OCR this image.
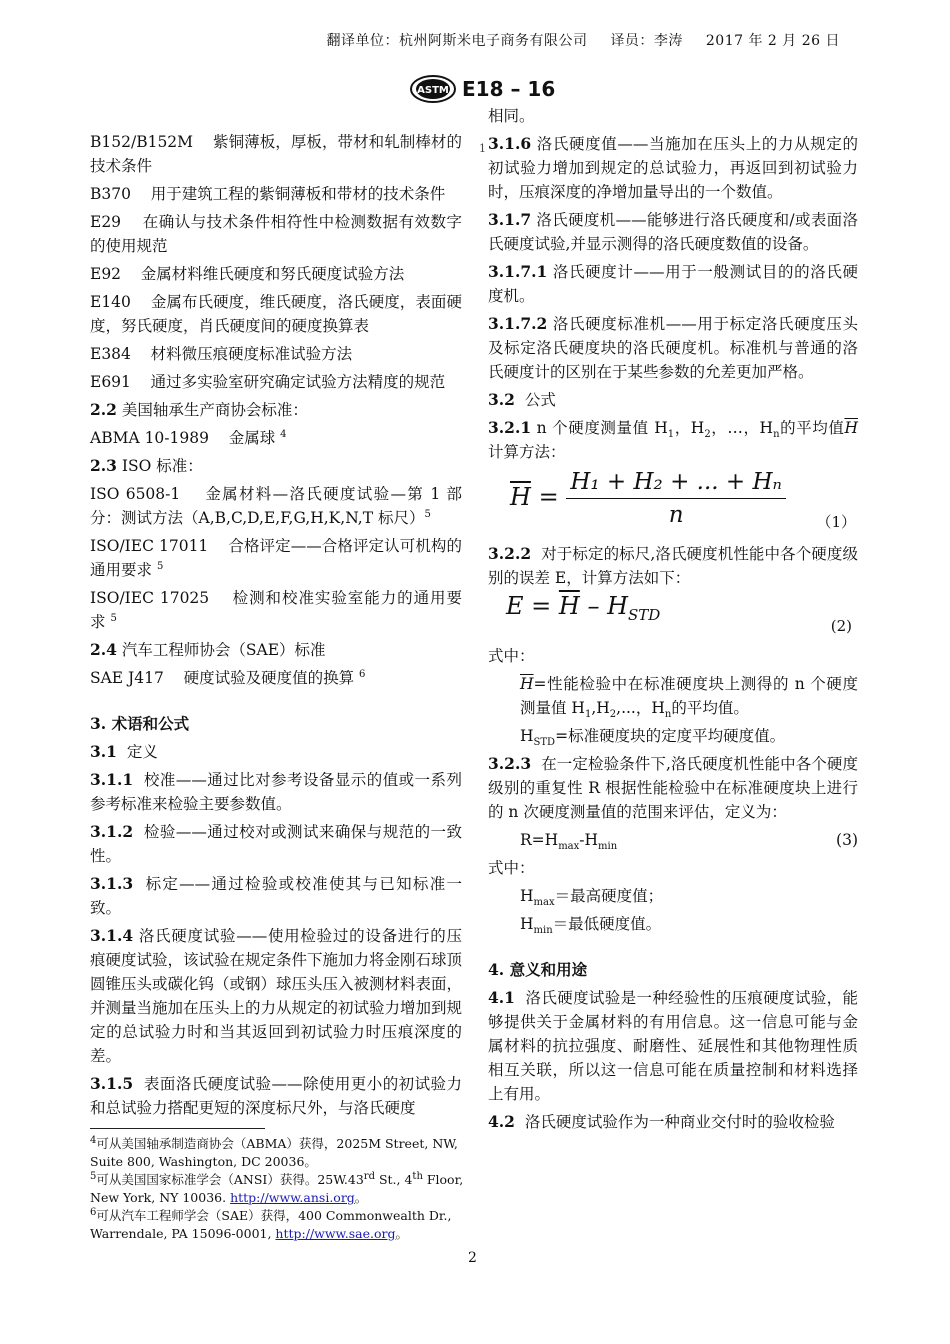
翻译单位：杭州阿斯米电子商务有限公司 译员：李涛 2017 年 2 月 26 日
ASTM E18 – 16
1
B152/B152M 紫铜薄板，厚板，带材和轧制棒材的技术条件
B370 用于建筑工程的紫铜薄板和带材的技术条件
E29 在确认与技术条件相符性中检测数据有效数字的使用规范
E92 金属材料维氏硬度和努氏硬度试验方法
E140 金属布氏硬度，维氏硬度，洛氏硬度，表面硬度，努氏硬度，肖氏硬度间的硬度换算表
E384 材料微压痕硬度标准试验方法
E691 通过多实验室研究确定试验方法精度的规范
2.2 美国轴承生产商协会标准：
ABMA 10-1989 金属球 $^4$
2.3 ISO 标准：
ISO 6508-1 金属材料—洛氏硬度试验—第 1 部分：测试方法（A,B,C,D,E,F,G,H,K,N,T 标尺）$^5$
ISO/IEC 17011 合格评定——合格评定认可机构的通用要求 $^5$
ISO/IEC 17025 检测和校准实验室能力的通用要求 $^5$
2.4 汽车工程师协会（SAE）标准
SAE J417 硬度试验及硬度值的换算 $^6$
3. 术语和公式
3.1 定义
3.1.1 校准——通过比对参考设备显示的值或一系列参考标准来检验主要参数值。
3.1.2 检验——通过校对或测试来确保与规范的一致性。
3.1.3 标定——通过检验或校准使其与已知标准一致。
3.1.4 洛氏硬度试验——使用检验过的设备进行的压痕硬度试验，该试验在规定条件下施加力将金刚石球顶圆锥压头或碳化钨（或钢）球压头压入被测材料表面，并测量当施加在压头上的力从规定的初试验力增加到规定的总试验力时和当其返回到初试验力时压痕深度的差。
3.1.5 表面洛氏硬度试验——除使用更小的初试验力和总试验力搭配更短的深度标尺外，与洛氏硬度

$^4$可从美国轴承制造商协会（ABMA）获得，2025M Street, NW, Suite 800, Washington, DC 20036。

$^5$可从美国国家标准学会（ANSI）获得。25W.43rd St., 4th Floor, New York, NY 10036. http://www.ansi.org。

$^6$可从汽车工程师学会（SAE）获得，400 Commonwealth Dr., Warrendale, PA 15096-0001, http://www.sae.org。

相同。
3.1.6 洛氏硬度值——当施加在压头上的力从规定的初试验力增加到规定的总试验力，再返回到初试验力时，压痕深度的净增加量导出的一个数值。
3.1.7 洛氏硬度机——能够进行洛氏硬度和/或表面洛氏硬度试验,并显示测得的洛氏硬度数值的设备。
3.1.7.1 洛氏硬度计——用于一般测试目的的洛氏硬度机。
3.1.7.2 洛氏硬度标准机——用于标定洛氏硬度压头及标定洛氏硬度块的洛氏硬度机。标准机与普通的洛氏硬度计的区别在于某些参数的允差更加严格。
3.2 公式
3.2.1 n 个硬度测量值 $H_1$，$H_2$，…，$H_n$的平均值$\overline{H}$计算方法：
$\overline{H} = \frac{\text{H₁ + H₂ + ... + Hₙ}}{n} (1)$
3.2.2 对于标定的标尺,洛氏硬度机性能中各个硬度级别的误差 E，计算方法如下：
$E = \overline{H} - H_{STD}$
(2)
式中：
$\overline{H}=$性能检验中在标准硬度块上测得的 n 个硬度测量值 $H_1,H_2$,...，$H_n$的平均值。
$H_{STD}=$标准硬度块的定度平均硬度值。
3.2.3 在一定检验条件下,洛氏硬度机性能中各个硬度级别的重复性 R 根据性能检验中在标准硬度块上进行的 n 次硬度测量值的范围来评估，定义为：
$R=H_{max}-H_{min}$	(3)
式中：
$H_{max}=$最高硬度值；
$H_{min}=$最低硬度值。
4. 意义和用途
4.1 洛氏硬度试验是一种经验性的压痕硬度试验，能够提供关于金属材料的有用信息。这一信息可能与金属材料的抗拉强度、耐磨性、延展性和其他物理性质相互关联，所以这一信息可能在质量控制和材料选择上有用。
4.2 洛氏硬度试验作为一种商业交付时的验收检验
2
